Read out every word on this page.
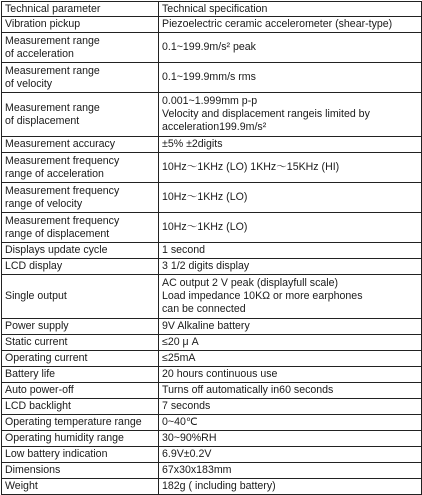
Technical parameter	Technical specification

Vibration pickup	Piezoelectric ceramic accelerometer (shear-type)

Measurement range
of acceleration	0.1~199.9m/s² peak

Measurement range
of velocity	0.1~199.9mm/s rms

Measurement range
of displacement	0.001~1.999mm p-p
Velocity and displacement rangeis limited by
acceleration199.9m/s²

Measurement accuracy	±5% ±2digits

Measurement frequency
range of acceleration	10Hz～1KHz (LO) 1KHz～15KHz (HI)

Measurement frequency
range of velocity	10Hz～1KHz (LO)

Measurement frequency
range of displacement	10Hz～1KHz (LO)

Displays update cycle	1 second

LCD display	3 1/2 digits display

Single output	AC output 2 V peak (displayfull scale)
Load impedance 10KΩ or more earphones
can be connected

Power supply	9V Alkaline battery

Static current	≤20 μ A

Operating current	≤25mA

Battery life	20 hours continuous use

Auto power-off	Turns off automatically in60 seconds

LCD backlight	7 seconds

Operating temperature range	0~40℃

Operating humidity range	30~90%RH

Low battery indication	6.9V±0.2V

Dimensions	67x30x183mm

Weight	182g ( including battery)
